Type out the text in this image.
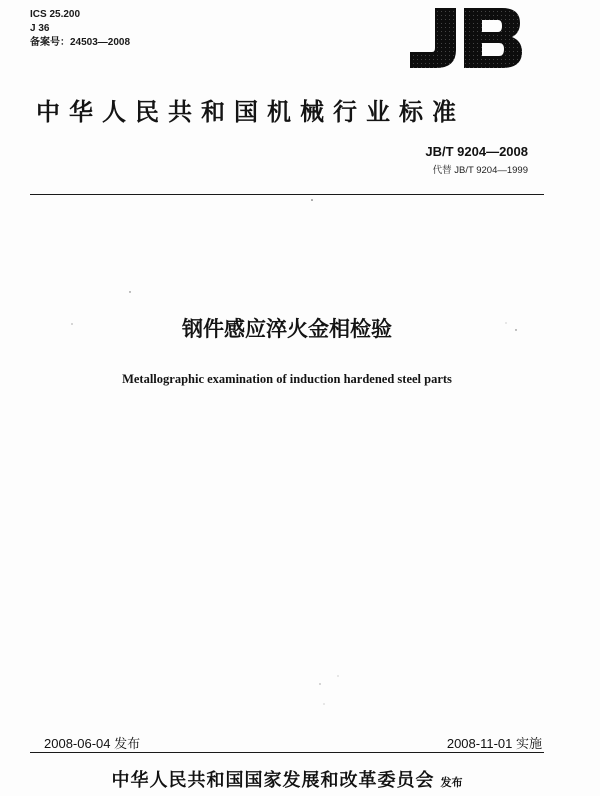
ICS 25.200
J 36
备案号：24503—2008
中华人民共和国机械行业标准
JB/T 9204—2008
代替 JB/T 9204—1999
钢件感应淬火金相检验
Metallographic examination of induction hardened steel parts
2008-06-04 发布	2008-11-01 实施
中华人民共和国国家发展和改革委员会 发布
